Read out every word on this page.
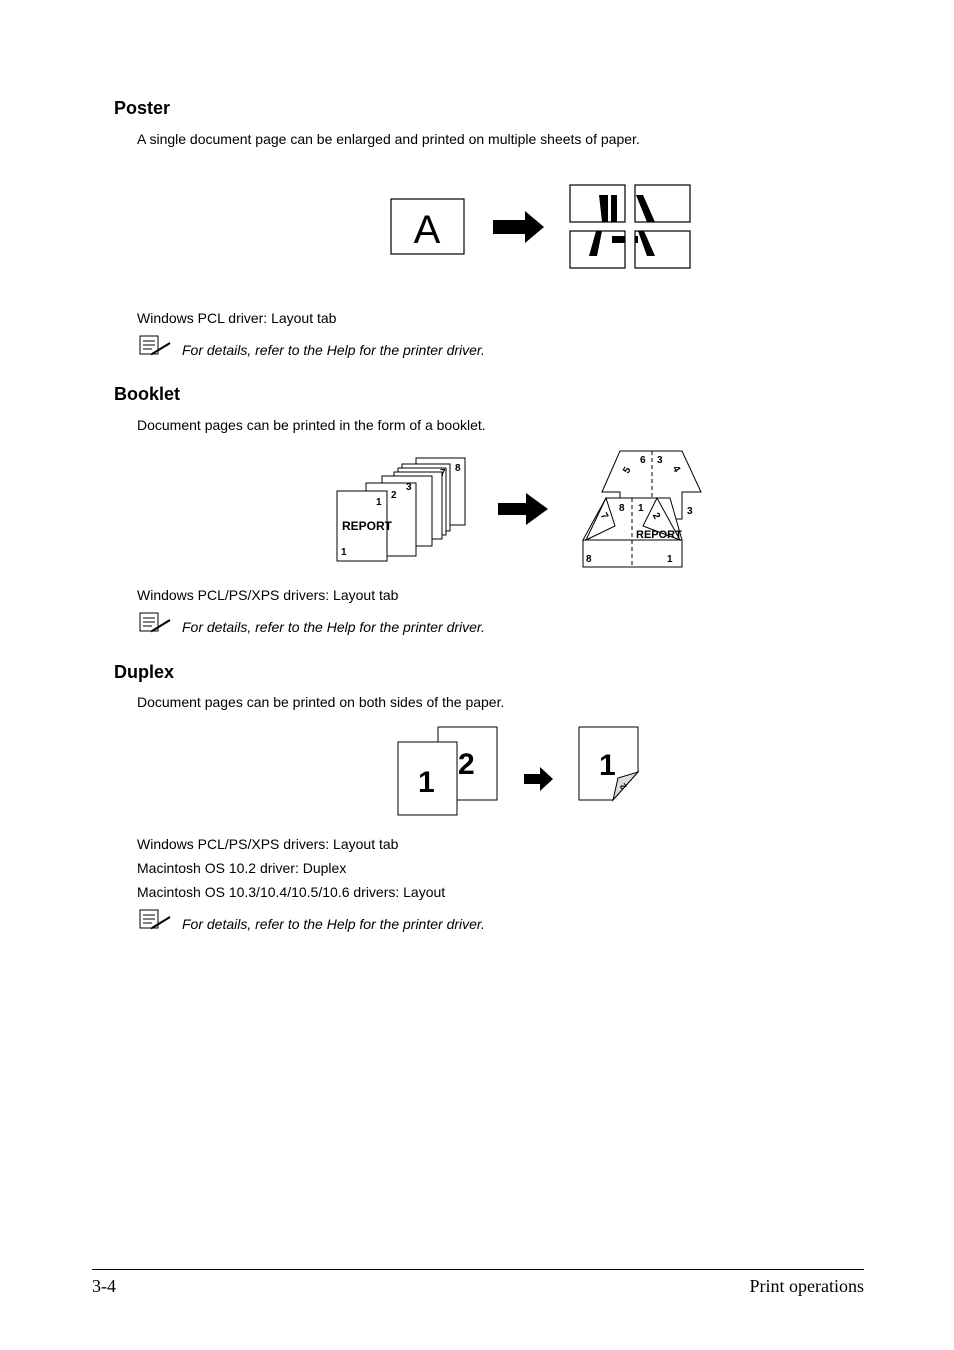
Poster
A single document page can be enlarged and printed on multiple sheets of paper.
A
Windows PCL driver: Layout tab
For details, refer to the Help for the printer driver.
Booklet
Document pages can be printed in the form of a booklet.
8
7
3
2
1
REPORT
1
6 3
5	4
8 1
7	2 3
8	1
REPORT
Windows PCL/PS/XPS drivers: Layout tab
For details, refer to the Help for the printer driver.
Duplex
Document pages can be printed on both sides of the paper.
2
1
1
2
Windows PCL/PS/XPS drivers: Layout tab
Macintosh OS 10.2 driver: Duplex
Macintosh OS 10.3/10.4/10.5/10.6 drivers: Layout
For details, refer to the Help for the printer driver.
3-4	Print operations
